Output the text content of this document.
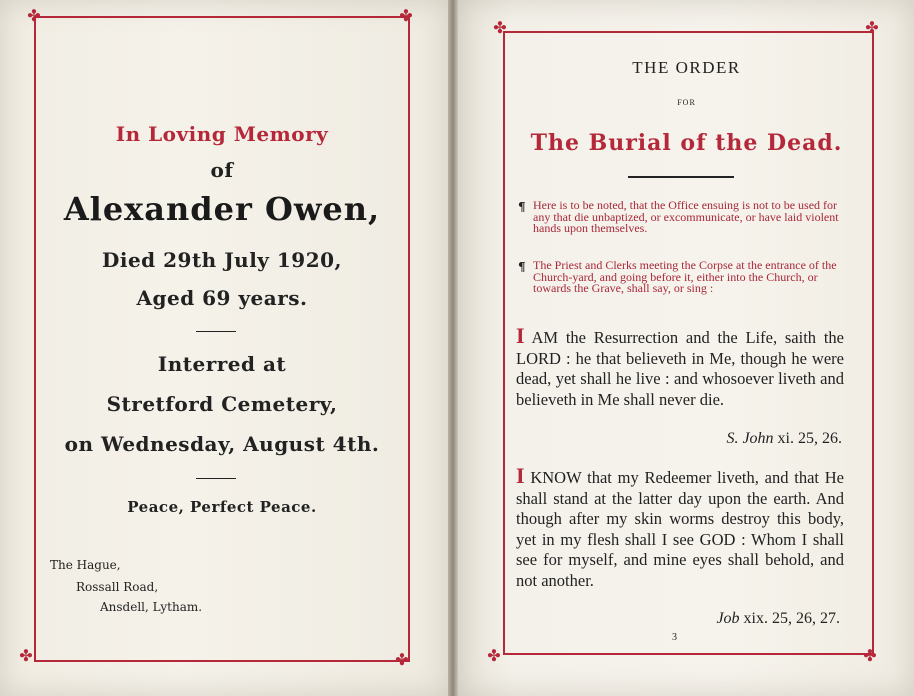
✤	✤
✤	✤
In Loving Memory
of
Alexander Owen,
Died 29th July 1920,
Aged 69 years.
Interred at
Stretford Cemetery,
on Wednesday, August 4th.
Peace, Perfect Peace.
The Hague,
Rossall Road,
Ansdell, Lytham.
✤	✤
✤	✤
THE ORDER
FOR
The Burial of the Dead.
¶ Here is to be noted, that the Office ensuing is not to be used for any that die unbaptized, or excommunicate, or have laid violent hands upon themselves.
¶ The Priest and Clerks meeting the Corpse at the entrance of the Church-yard, and going before it, either into the Church, or towards the Grave, shall say, or sing :
I AM the Resurrection and the Life, saith the LORD : he that believeth in Me, though he were dead, yet shall he live : and whosoever liveth and believeth in Me shall never die.
S. John xi. 25, 26.
I KNOW that my Redeemer liveth, and that He shall stand at the latter day upon the earth. And though after my skin worms destroy this body, yet in my flesh shall I see GOD : Whom I shall see for myself, and mine eyes shall behold, and not another.
Job xix. 25, 26, 27.
3
